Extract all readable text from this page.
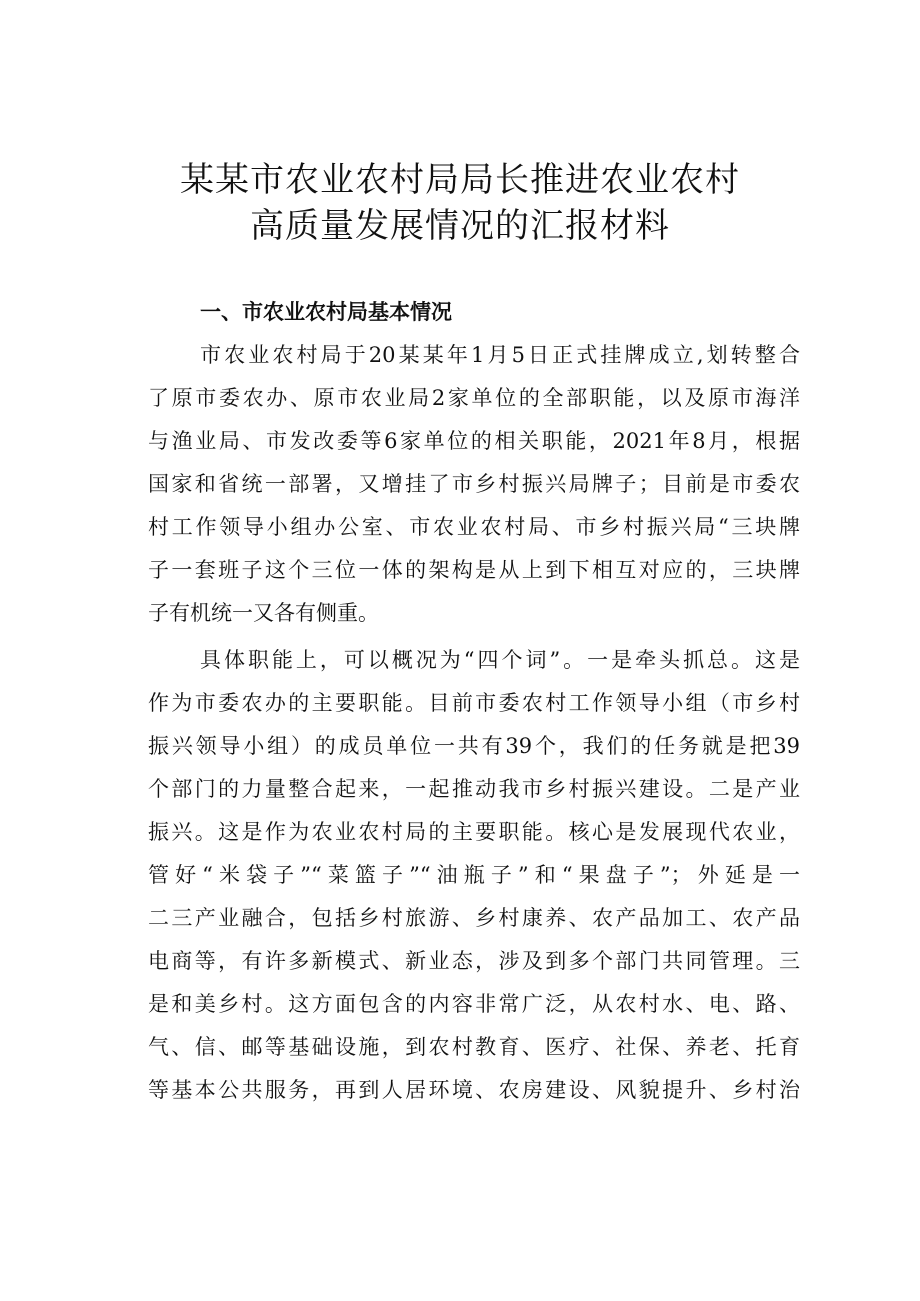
某某市农业农村局局长推进农业农村
高质量发展情况的汇报材料
一、市农业农村局基本情况
市农业农村局于20某某年1月5日正式挂牌成立,划转整合
了原市委农办、原市农业局2家单位的全部职能，以及原市海洋
与渔业局、市发改委等6家单位的相关职能，2021年8月，根据
国家和省统一部署，又增挂了市乡村振兴局牌子；目前是市委农
村工作领导小组办公室、市农业农村局、市乡村振兴局“三块牌
子一套班子这个三位一体的架构是从上到下相互对应的，三块牌
子有机统一又各有侧重。
具体职能上，可以概况为“四个词”。一是牵头抓总。这是
作为市委农办的主要职能。目前市委农村工作领导小组（市乡村
振兴领导小组）的成员单位一共有39个，我们的任务就是把39
个部门的力量整合起来，一起推动我市乡村振兴建设。二是产业
振兴。这是作为农业农村局的主要职能。核心是发展现代农业，
管好“米袋子”“菜篮子”“油瓶子”和“果盘子”；外延是一
二三产业融合，包括乡村旅游、乡村康养、农产品加工、农产品
电商等，有许多新模式、新业态，涉及到多个部门共同管理。三
是和美乡村。这方面包含的内容非常广泛，从农村水、电、路、
气、信、邮等基础设施，到农村教育、医疗、社保、养老、托育
等基本公共服务，再到人居环境、农房建设、风貌提升、乡村治
